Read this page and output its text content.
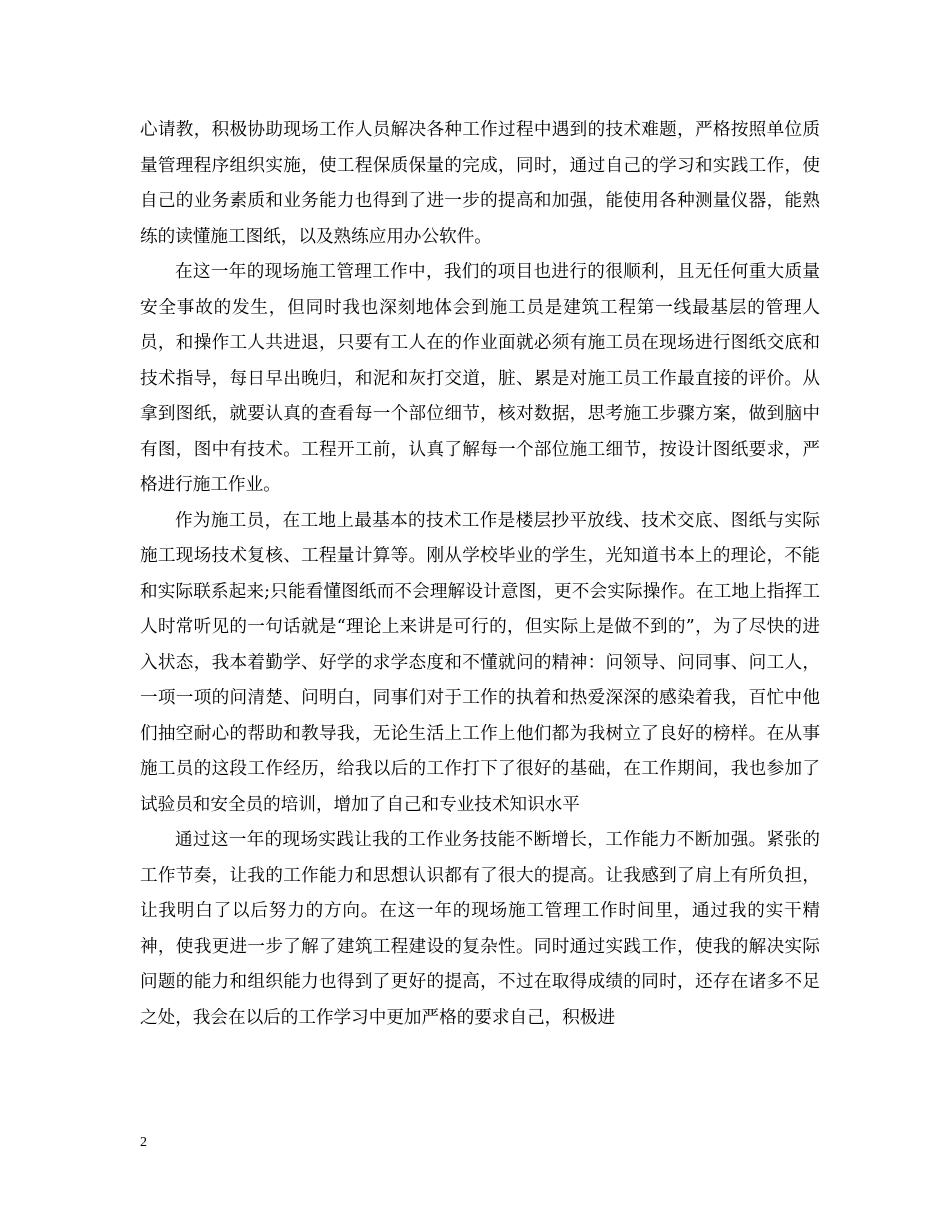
心请教，积极协助现场工作人员解决各种工作过程中遇到的技术难题，严格按照单位质量管理程序组织实施，使工程保质保量的完成，同时，通过自己的学习和实践工作，使自己的业务素质和业务能力也得到了进一步的提高和加强，能使用各种测量仪器，能熟练的读懂施工图纸，以及熟练应用办公软件。

在这一年的现场施工管理工作中，我们的项目也进行的很顺利，且无任何重大质量安全事故的发生，但同时我也深刻地体会到施工员是建筑工程第一线最基层的管理人员，和操作工人共进退，只要有工人在的作业面就必须有施工员在现场进行图纸交底和技术指导，每日早出晚归，和泥和灰打交道，脏、累是对施工员工作最直接的评价。从拿到图纸，就要认真的查看每一个部位细节，核对数据，思考施工步骤方案，做到脑中有图，图中有技术。工程开工前，认真了解每一个部位施工细节，按设计图纸要求，严格进行施工作业。

作为施工员，在工地上最基本的技术工作是楼层抄平放线、技术交底、图纸与实际施工现场技术复核、工程量计算等。刚从学校毕业的学生，光知道书本上的理论，不能和实际联系起来;只能看懂图纸而不会理解设计意图，更不会实际操作。在工地上指挥工人时常听见的一句话就是“理论上来讲是可行的，但实际上是做不到的”，为了尽快的进入状态，我本着勤学、好学的求学态度和不懂就问的精神：问领导、问同事、问工人，一项一项的问清楚、问明白，同事们对于工作的执着和热爱深深的感染着我，百忙中他们抽空耐心的帮助和教导我，无论生活上工作上他们都为我树立了良好的榜样。在从事施工员的这段工作经历，给我以后的工作打下了很好的基础，在工作期间，我也参加了试验员和安全员的培训，增加了自己和专业技术知识水平

通过这一年的现场实践让我的工作业务技能不断增长，工作能力不断加强。紧张的工作节奏，让我的工作能力和思想认识都有了很大的提高。让我感到了肩上有所负担，让我明白了以后努力的方向。在这一年的现场施工管理工作时间里，通过我的实干精神，使我更进一步了解了建筑工程建设的复杂性。同时通过实践工作，使我的解决实际问题的能力和组织能力也得到了更好的提高，不过在取得成绩的同时，还存在诸多不足之处，我会在以后的工作学习中更加严格的要求自己，积极进

2
